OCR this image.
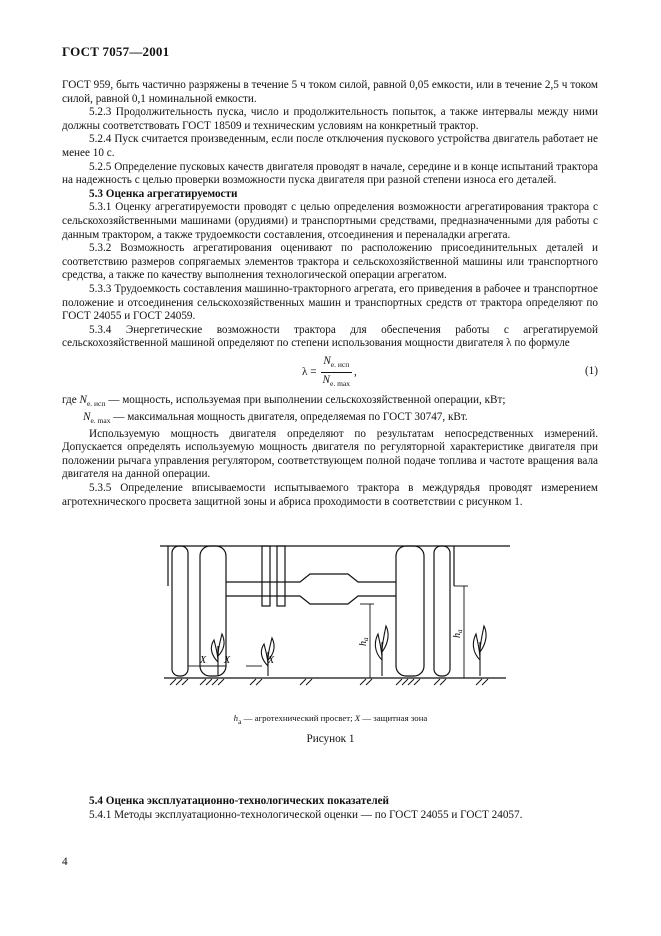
ГОСТ 7057—2001

ГОСТ 959, быть частично разряжены в течение 5 ч током силой, равной 0,05 емкости, или в течение 2,5 ч током силой, равной 0,1 номинальной емкости.

5.2.3 Продолжительность пуска, число и продолжительность попыток, а также интервалы между ними должны соответствовать ГОСТ 18509 и техническим условиям на конкретный трактор.

5.2.4 Пуск считается произведенным, если после отключения пускового устройства двигатель работает не менее 10 с.

5.2.5 Определение пусковых качеств двигателя проводят в начале, середине и в конце испытаний трактора на надежность с целью проверки возможности пуска двигателя при разной степени износа его деталей.

5.3 Оценка агрегатируемости

5.3.1 Оценку агрегатируемости проводят с целью определения возможности агрегатирования трактора с сельскохозяйственными машинами (орудиями) и транспортными средствами, предназначенными для работы с данным трактором, а также трудоемкости составления, отсоединения и переналадки агрегата.

5.3.2 Возможность агрегатирования оценивают по расположению присоединительных деталей и соответствию размеров сопрягаемых элементов трактора и сельскохозяйственной машины или транспортного средства, а также по качеству выполнения технологической операции агрегатом.

5.3.3 Трудоемкость составления машинно-тракторного агрегата, его приведения в рабочее и транспортное положение и отсоединения сельскохозяйственных машин и транспортных средств от трактора определяют по ГОСТ 24055 и ГОСТ 24059.

5.3.4 Энергетические возможности трактора для обеспечения работы с агрегатируемой сельскохозяйственной машиной определяют по степени использования мощности двигателя λ по формуле

$\lambda = \frac{N_{е. исп}}{N_{е. max}}$ ,	(1)

где $N_{е. исп}$ — мощность, используемая при выполнении сельскохозяйственной операции, кВт;

$N_{е. max}$ — максимальная мощность двигателя, определяемая по ГОСТ 30747, кВт.

Используемую мощность двигателя определяют по результатам непосредственных измерений. Допускается определять используемую мощность двигателя по регуляторной характеристике двигателя при положении рычага управления регулятором, соответствующем полной подаче топлива и частоте вращения вала двигателя на данной операции.

5.3.5 Определение вписываемости испытываемого трактора в междурядья проводят измерением агротехнического просвета защитной зоны и абриса проходимости в соответствии с рисунком 1.

X X	X
$h_a$
$h_a$
$h_a$ — агротехнический просвет; X — защитная зона
Рисунок 1

5.4 Оценка эксплуатационно-технологических показателей

5.4.1 Методы эксплуатационно-технологической оценки — по ГОСТ 24055 и ГОСТ 24057.

4
